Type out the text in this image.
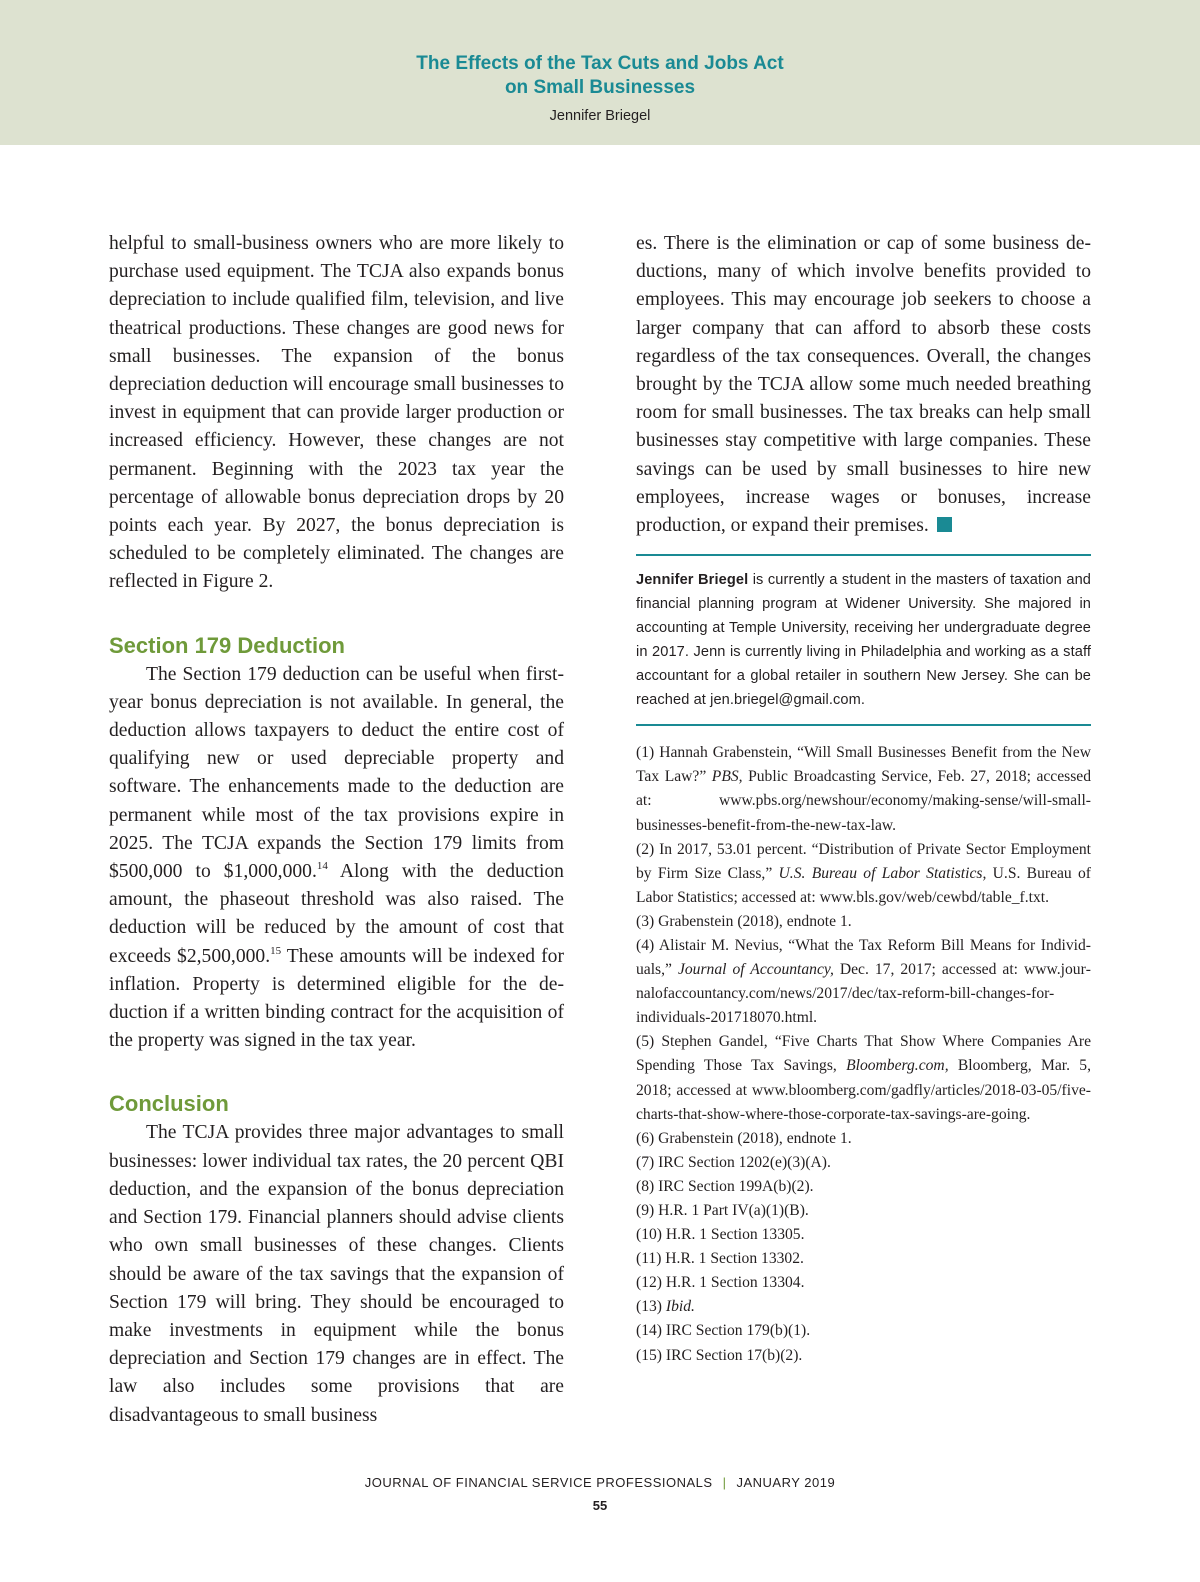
The Effects of the Tax Cuts and Jobs Act
on Small Businesses
Jennifer Briegel

helpful to small-business owners who are more likely to purchase used equipment. The TCJA also expands bonus depreciation to include qualified film, television, and live theatrical productions. These changes are good news for small businesses. The expansion of the bonus depreciation deduction will encourage small businesses to invest in equipment that can provide larger production or increased efficiency. However, these changes are not permanent. Beginning with the 2023 tax year the percentage of allowable bonus depreciation drops by 20 points each year. By 2027, the bonus depreciation is scheduled to be completely eliminated. The changes are reflected in Figure 2.

Section 179 Deduction

The Section 179 deduction can be useful when first-year bonus depreciation is not available. In general, the deduction allows taxpayers to deduct the entire cost of qualifying new or used depreciable property and software. The enhancements made to the deduction are permanent while most of the tax provisions expire in 2025. The TCJA expands the Section 179 limits from $500,000 to $1,000,000.14 Along with the deduction amount, the phaseout threshold was also raised. The deduction will be reduced by the amount of cost that exceeds $2,500,000.15 These amounts will be indexed for inflation. Property is determined eligible for the deduction if a written binding contract for the acquisition of the property was signed in the tax year.

Conclusion

The TCJA provides three major advantages to small businesses: lower individual tax rates, the 20 percent QBI deduction, and the expansion of the bonus depreciation and Section 179. Financial planners should advise clients who own small businesses of these changes. Clients should be aware of the tax savings that the expansion of Section 179 will bring. They should be encouraged to make investments in equipment while the bonus depreciation and Section 179 changes are in effect. The law also includes some provisions that are disadvantageous to small business

es. There is the elimination or cap of some business deductions, many of which involve benefits provided to employees. This may encourage job seekers to choose a larger company that can afford to absorb these costs regardless of the tax consequences. Overall, the changes brought by the TCJA allow some much needed breathing room for small businesses. The tax breaks can help small businesses stay competitive with large companies. These savings can be used by small businesses to hire new employees, increase wages or bonuses, increase production, or expand their premises.

Jennifer Briegel is currently a student in the masters of taxation and financial planning program at Widener University. She majored in accounting at Temple University, receiving her undergraduate degree in 2017. Jenn is currently living in Philadelphia and working as a staff accountant for a global retailer in southern New Jersey. She can be reached at jen.briegel@gmail.com.

(1) Hannah Grabenstein, “Will Small Businesses Benefit from the New Tax Law?” PBS, Public Broadcasting Service, Feb. 27, 2018; accessed at: www.pbs.org/newshour/economy/making-sense/will-small-businesses-benefit-from-the-new-tax-law.
(2) In 2017, 53.01 percent. “Distribution of Private Sector Employment by Firm Size Class,” U.S. Bureau of Labor Statistics, U.S. Bureau of Labor Statistics; accessed at: www.bls.gov/web/cewbd/table_f.txt.
(3) Grabenstein (2018), endnote 1.
(4) Alistair M. Nevius, “What the Tax Reform Bill Means for Individuals,” Journal of Accountancy, Dec. 17, 2017; accessed at: www.journalofaccountancy.com/news/2017/dec/tax-reform-bill-changes-for-individuals-201718070.html.
(5) Stephen Gandel, “Five Charts That Show Where Companies Are Spending Those Tax Savings, Bloomberg.com, Bloomberg, Mar. 5, 2018; accessed at www.bloomberg.com/gadfly/articles/2018-03-05/five-charts-that-show-where-those-corporate-tax-savings-are-going.
(6) Grabenstein (2018), endnote 1.
(7) IRC Section 1202(e)(3)(A).
(8) IRC Section 199A(b)(2).
(9) H.R. 1 Part IV(a)(1)(B).
(10) H.R. 1 Section 13305.
(11) H.R. 1 Section 13302.
(12) H.R. 1 Section 13304.
(13) Ibid.
(14) IRC Section 179(b)(1).
(15) IRC Section 17(b)(2).
JOURNAL OF FINANCIAL SERVICE PROFESSIONALS | JANUARY 2019
55
